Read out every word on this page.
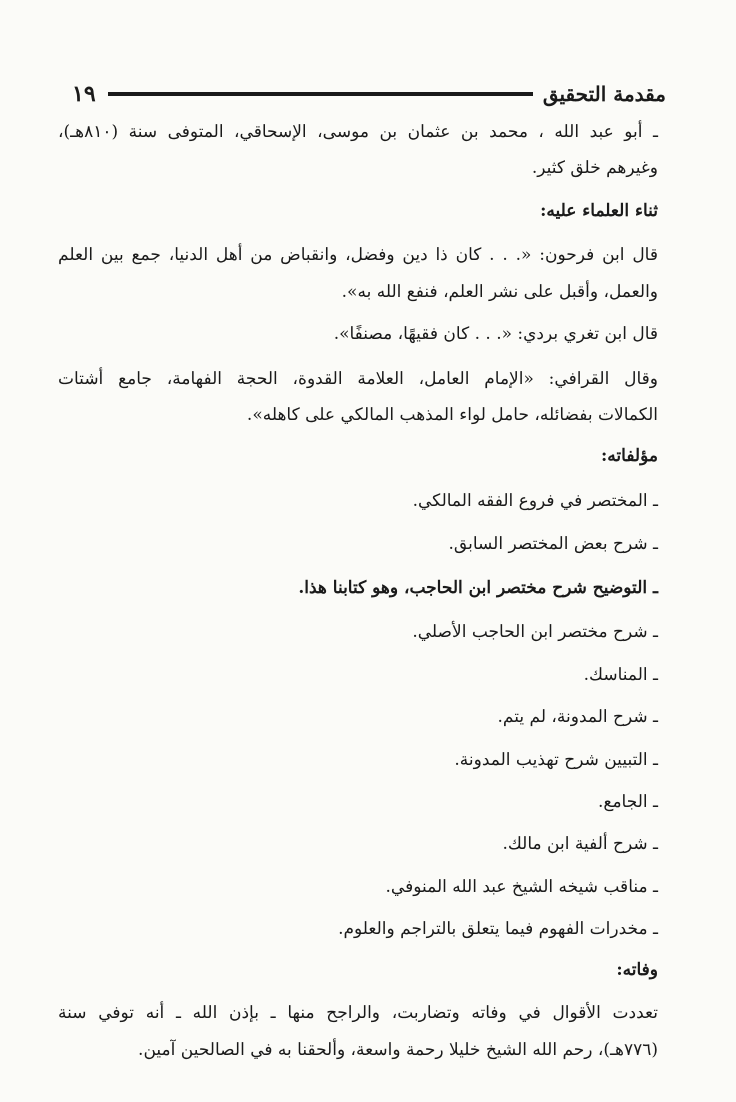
مقدمة التحقيق
١٩
ـ أبو عبد الله ، محمد بن عثمان بن موسى، الإسحاقي، المتوفى سنة (٨١٠هـ)،
وغيرهم خلق كثير.
ثناء العلماء عليه:
قال ابن فرحون: «. . . كان ذا دين وفضل، وانقباض من أهل الدنيا، جمع بين العلم
والعمل، وأقبل على نشر العلم، فنفع الله به».
قال ابن تغري بردي: «. . . كان فقيهًا، مصنفًا».
وقال القرافي: «الإمام العامل، العلامة القدوة، الحجة الفهامة، جامع أشتات
الكمالات بفضائله، حامل لواء المذهب المالكي على كاهله».
مؤلفاته:
ـ المختصر في فروع الفقه المالكي.
ـ شرح بعض المختصر السابق.
ـ التوضيح شرح مختصر ابن الحاجب، وهو كتابنا هذا.
ـ شرح مختصر ابن الحاجب الأصلي.
ـ المناسك.
ـ شرح المدونة، لم يتم.
ـ التبيين شرح تهذيب المدونة.
ـ الجامع.
ـ شرح ألفية ابن مالك.
ـ مناقب شيخه الشيخ عبد الله المنوفي.
ـ مخدرات الفهوم فيما يتعلق بالتراجم والعلوم.
وفاته:
تعددت الأقوال في وفاته وتضاربت، والراجح منها ـ بإذن الله ـ أنه توفي سنة
(٧٧٦هـ)، رحم الله الشيخ خليلا رحمة واسعة، وألحقنا به في الصالحين آمين.
